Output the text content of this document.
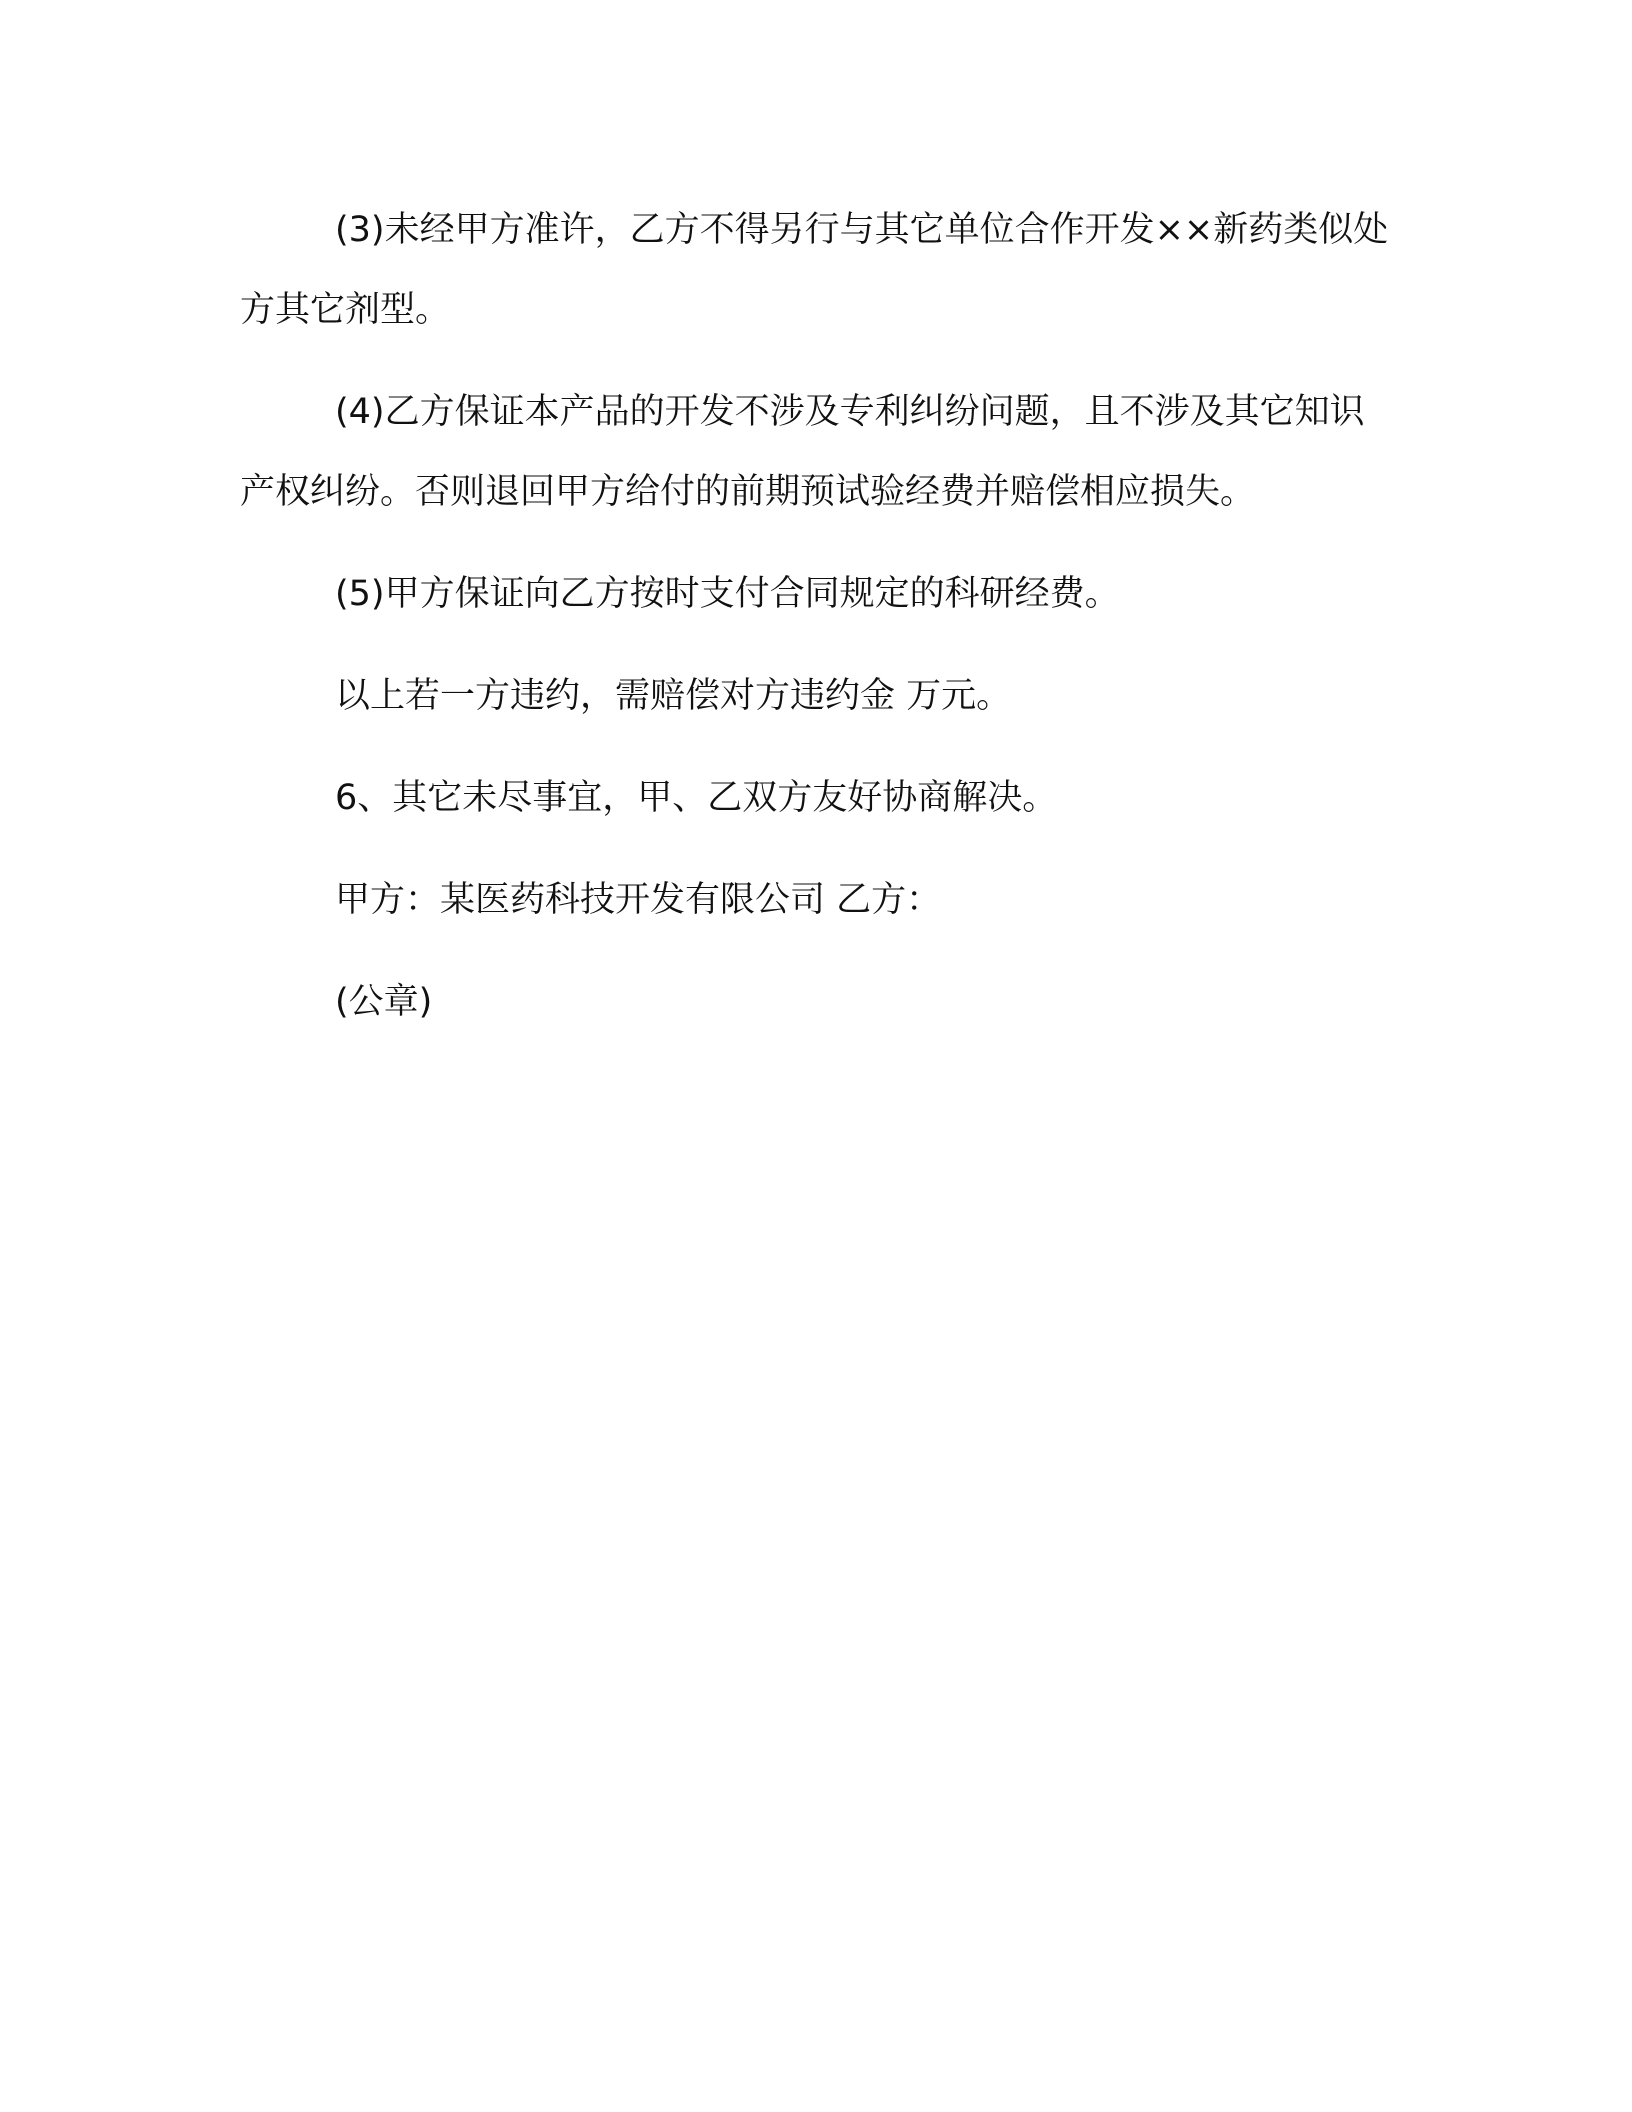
(3)未经甲方准许，乙方不得另行与其它单位合作开发××新药类似处方其它剂型。

(4)乙方保证本产品的开发不涉及专利纠纷问题，且不涉及其它知识产权纠纷。否则退回甲方给付的前期预试验经费并赔偿相应损失。

(5)甲方保证向乙方按时支付合同规定的科研经费。

以上若一方违约，需赔偿对方违约金 万元。

6、其它未尽事宜，甲、乙双方友好协商解决。

甲方：某医药科技开发有限公司 乙方：

(公章)
